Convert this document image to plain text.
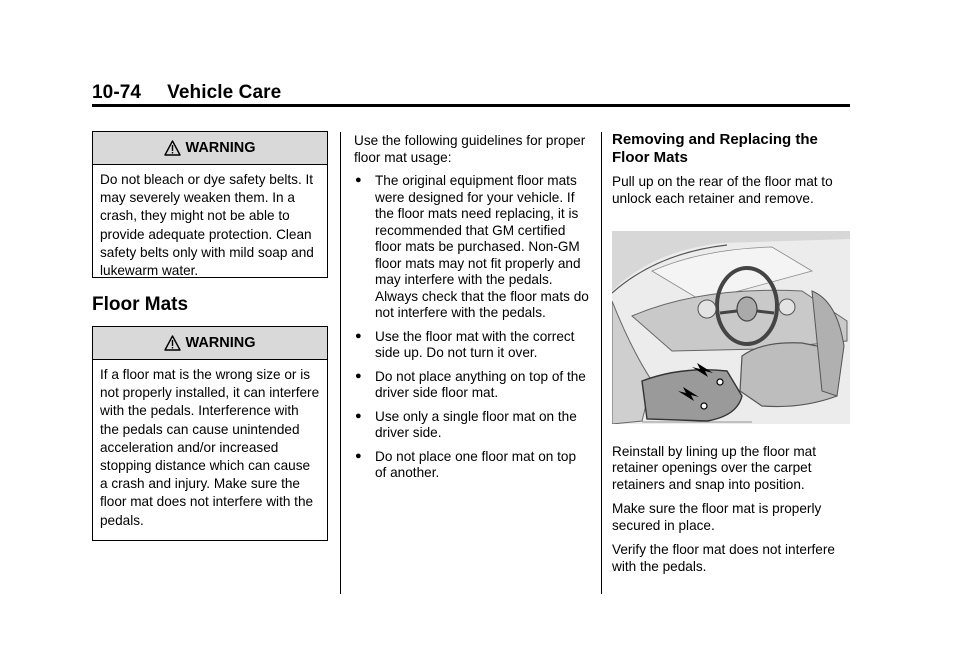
10-74 Vehicle Care
WARNING
Do not bleach or dye safety belts. It may severely weaken them. In a crash, they might not be able to provide adequate protection. Clean safety belts only with mild soap and lukewarm water.
Floor Mats
WARNING
If a floor mat is the wrong size or is not properly installed, it can interfere with the pedals. Interference with the pedals can cause unintended acceleration and/or increased stopping distance which can cause a crash and injury. Make sure the floor mat does not interfere with the pedals.

Use the following guidelines for proper floor mat usage:

● The original equipment floor mats were designed for your vehicle. If the floor mats need replacing, it is recommended that GM certified floor mats be purchased. Non-GM floor mats may not fit properly and may interfere with the pedals. Always check that the floor mats do not interfere with the pedals.
● Use the floor mat with the correct side up. Do not turn it over.
● Do not place anything on top of the driver side floor mat.
● Use only a single floor mat on the driver side.
● Do not place one floor mat on top of another.
Removing and Replacing the Floor Mats

Pull up on the rear of the floor mat to unlock each retainer and remove.

Reinstall by lining up the floor mat retainer openings over the carpet retainers and snap into position.

Make sure the floor mat is properly secured in place.

Verify the floor mat does not interfere with the pedals.
